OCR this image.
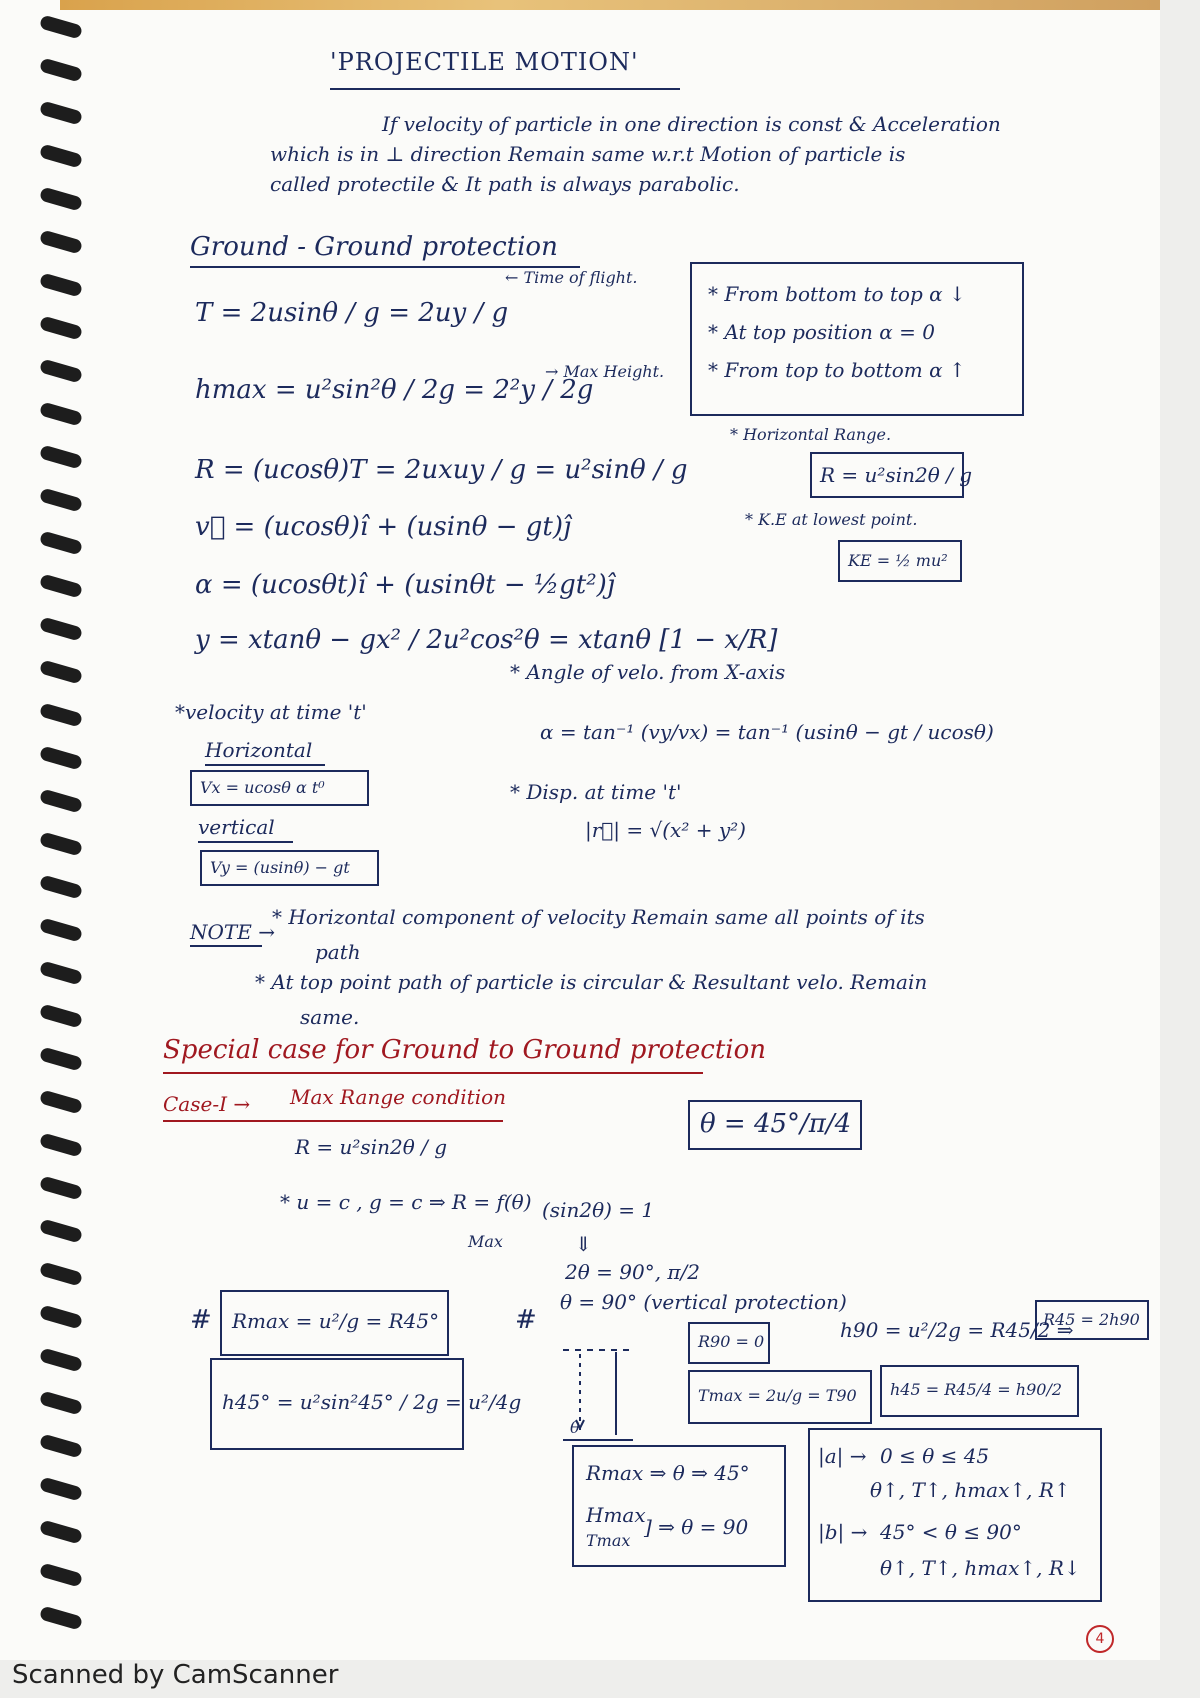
'PROJECTILE MOTION'
If velocity of particle in one direction is const & Acceleration
which is in ⊥ direction Remain same w.r.t Motion of particle is
called protectile & It path is always parabolic.
Ground - Ground protection
T = 2usinθ / g = 2uy / g
← Time of flight.
hmax = u²sin²θ / 2g = 2²y / 2g
→ Max Height.
R = (ucosθ)T = 2uxuy / g = u²sinθ / g
v⃗ = (ucosθ)î + (usinθ − gt)ĵ
α = (ucosθt)î + (usinθt − ½gt²)ĵ
y = xtanθ − gx² / 2u²cos²θ = xtanθ [1 − x/R]
* From bottom to top α ↓
* At top position α = 0
* From top to bottom α ↑
* Horizontal Range.
R = u²sin2θ / g
* K.E at lowest point.
KE = ½ mu²
*velocity at time 't'
Horizontal
Vx = ucosθ α t⁰
vertical
Vy = (usinθ) − gt
* Angle of velo. from X-axis
α = tan⁻¹ (vy/vx) = tan⁻¹ (usinθ − gt / ucosθ)
* Disp. at time 't'
|r⃗| = √(x² + y²)
NOTE →
* Horizontal component of velocity Remain same all points of its
path
* At top point path of particle is circular & Resultant velo. Remain
same.
Special case for Ground to Ground protection
Case-I → Max Range condition
R = u²sin2θ / g
* u = c , g = c ⇒ R = f(θ)
Max
(sin2θ) = 1
⇓
2θ = 90°, π/2
θ = 45°/π/4
# Rmax = u²/g = R45°
h45° = u²sin²45° / 2g = u²/4g
#
θ = 90° (vertical protection)
θ
R90 = 0	h90 = u²/2g = R45/2 ⇒
R45 = 2h90
Tmax = 2u/g = T90 h45 = R45/4 = h90/2
Rmax ⇒ θ ⇒ 45°
Hmax
Tmax
] ⇒ θ = 90
|a| → 0 ≤ θ ≤ 45
θ↑, T↑, hmax↑, R↑
|b| → 45° < θ ≤ 90°
θ↑, T↑, hmax↑, R↓
4
Scanned by CamScanner
